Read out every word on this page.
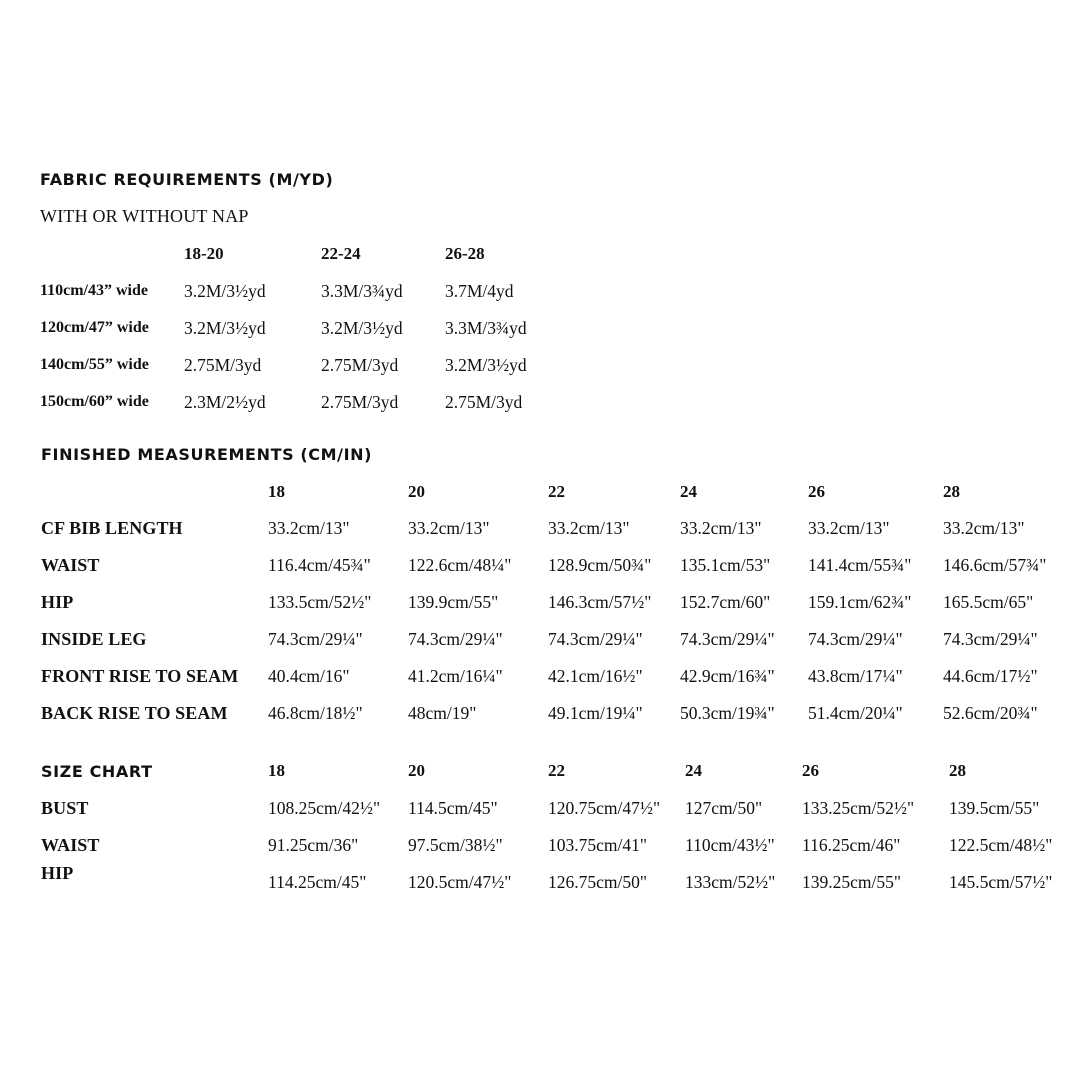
FABRIC REQUIREMENTS (M/YD)
WITH OR WITHOUT NAP
18-20	22-24	26-28
110cm/43” wide 3.2M/3½yd	3.3M/3¾yd 3.7M/4yd
120cm/47” wide 3.2M/3½yd	3.2M/3½yd 3.3M/3¾yd
140cm/55” wide 2.75M/3yd	2.75M/3yd	3.2M/3½yd
150cm/60” wide 2.3M/2½yd	2.75M/3yd	2.75M/3yd
FINISHED MEASUREMENTS (CM/IN)
18	20	22	24	26	28
CF BIB LENGTH	33.2cm/13"	33.2cm/13"	33.2cm/13"	33.2cm/13"	33.2cm/13"	33.2cm/13"
WAIST	116.4cm/45¾" 122.6cm/48¼" 128.9cm/50¾" 135.1cm/53" 141.4cm/55¾" 146.6cm/57¾"
HIP	133.5cm/52½" 139.9cm/55"	146.3cm/57½" 152.7cm/60" 159.1cm/62¾" 165.5cm/65"
INSIDE LEG	74.3cm/29¼"	74.3cm/29¼"	74.3cm/29¼" 74.3cm/29¼" 74.3cm/29¼" 74.3cm/29¼"
FRONT RISE TO SEAM 40.4cm/16"	41.2cm/16¼"	42.1cm/16½" 42.9cm/16¾" 43.8cm/17¼" 44.6cm/17½"
BACK RISE TO SEAM 46.8cm/18½"	48cm/19"	49.1cm/19¼" 50.3cm/19¾" 51.4cm/20¼" 52.6cm/20¾"
SIZE CHART	18	20	22	24	26	28
BUST	108.25cm/42½" 114.5cm/45"	120.75cm/47½" 127cm/50" 133.25cm/52½" 139.5cm/55"
WAIST	91.25cm/36"	97.5cm/38½"	103.75cm/41" 110cm/43½" 116.25cm/46"	122.5cm/48½"
HIP	114.25cm/45" 120.5cm/47½" 126.75cm/50" 133cm/52½" 139.25cm/55"	145.5cm/57½"
